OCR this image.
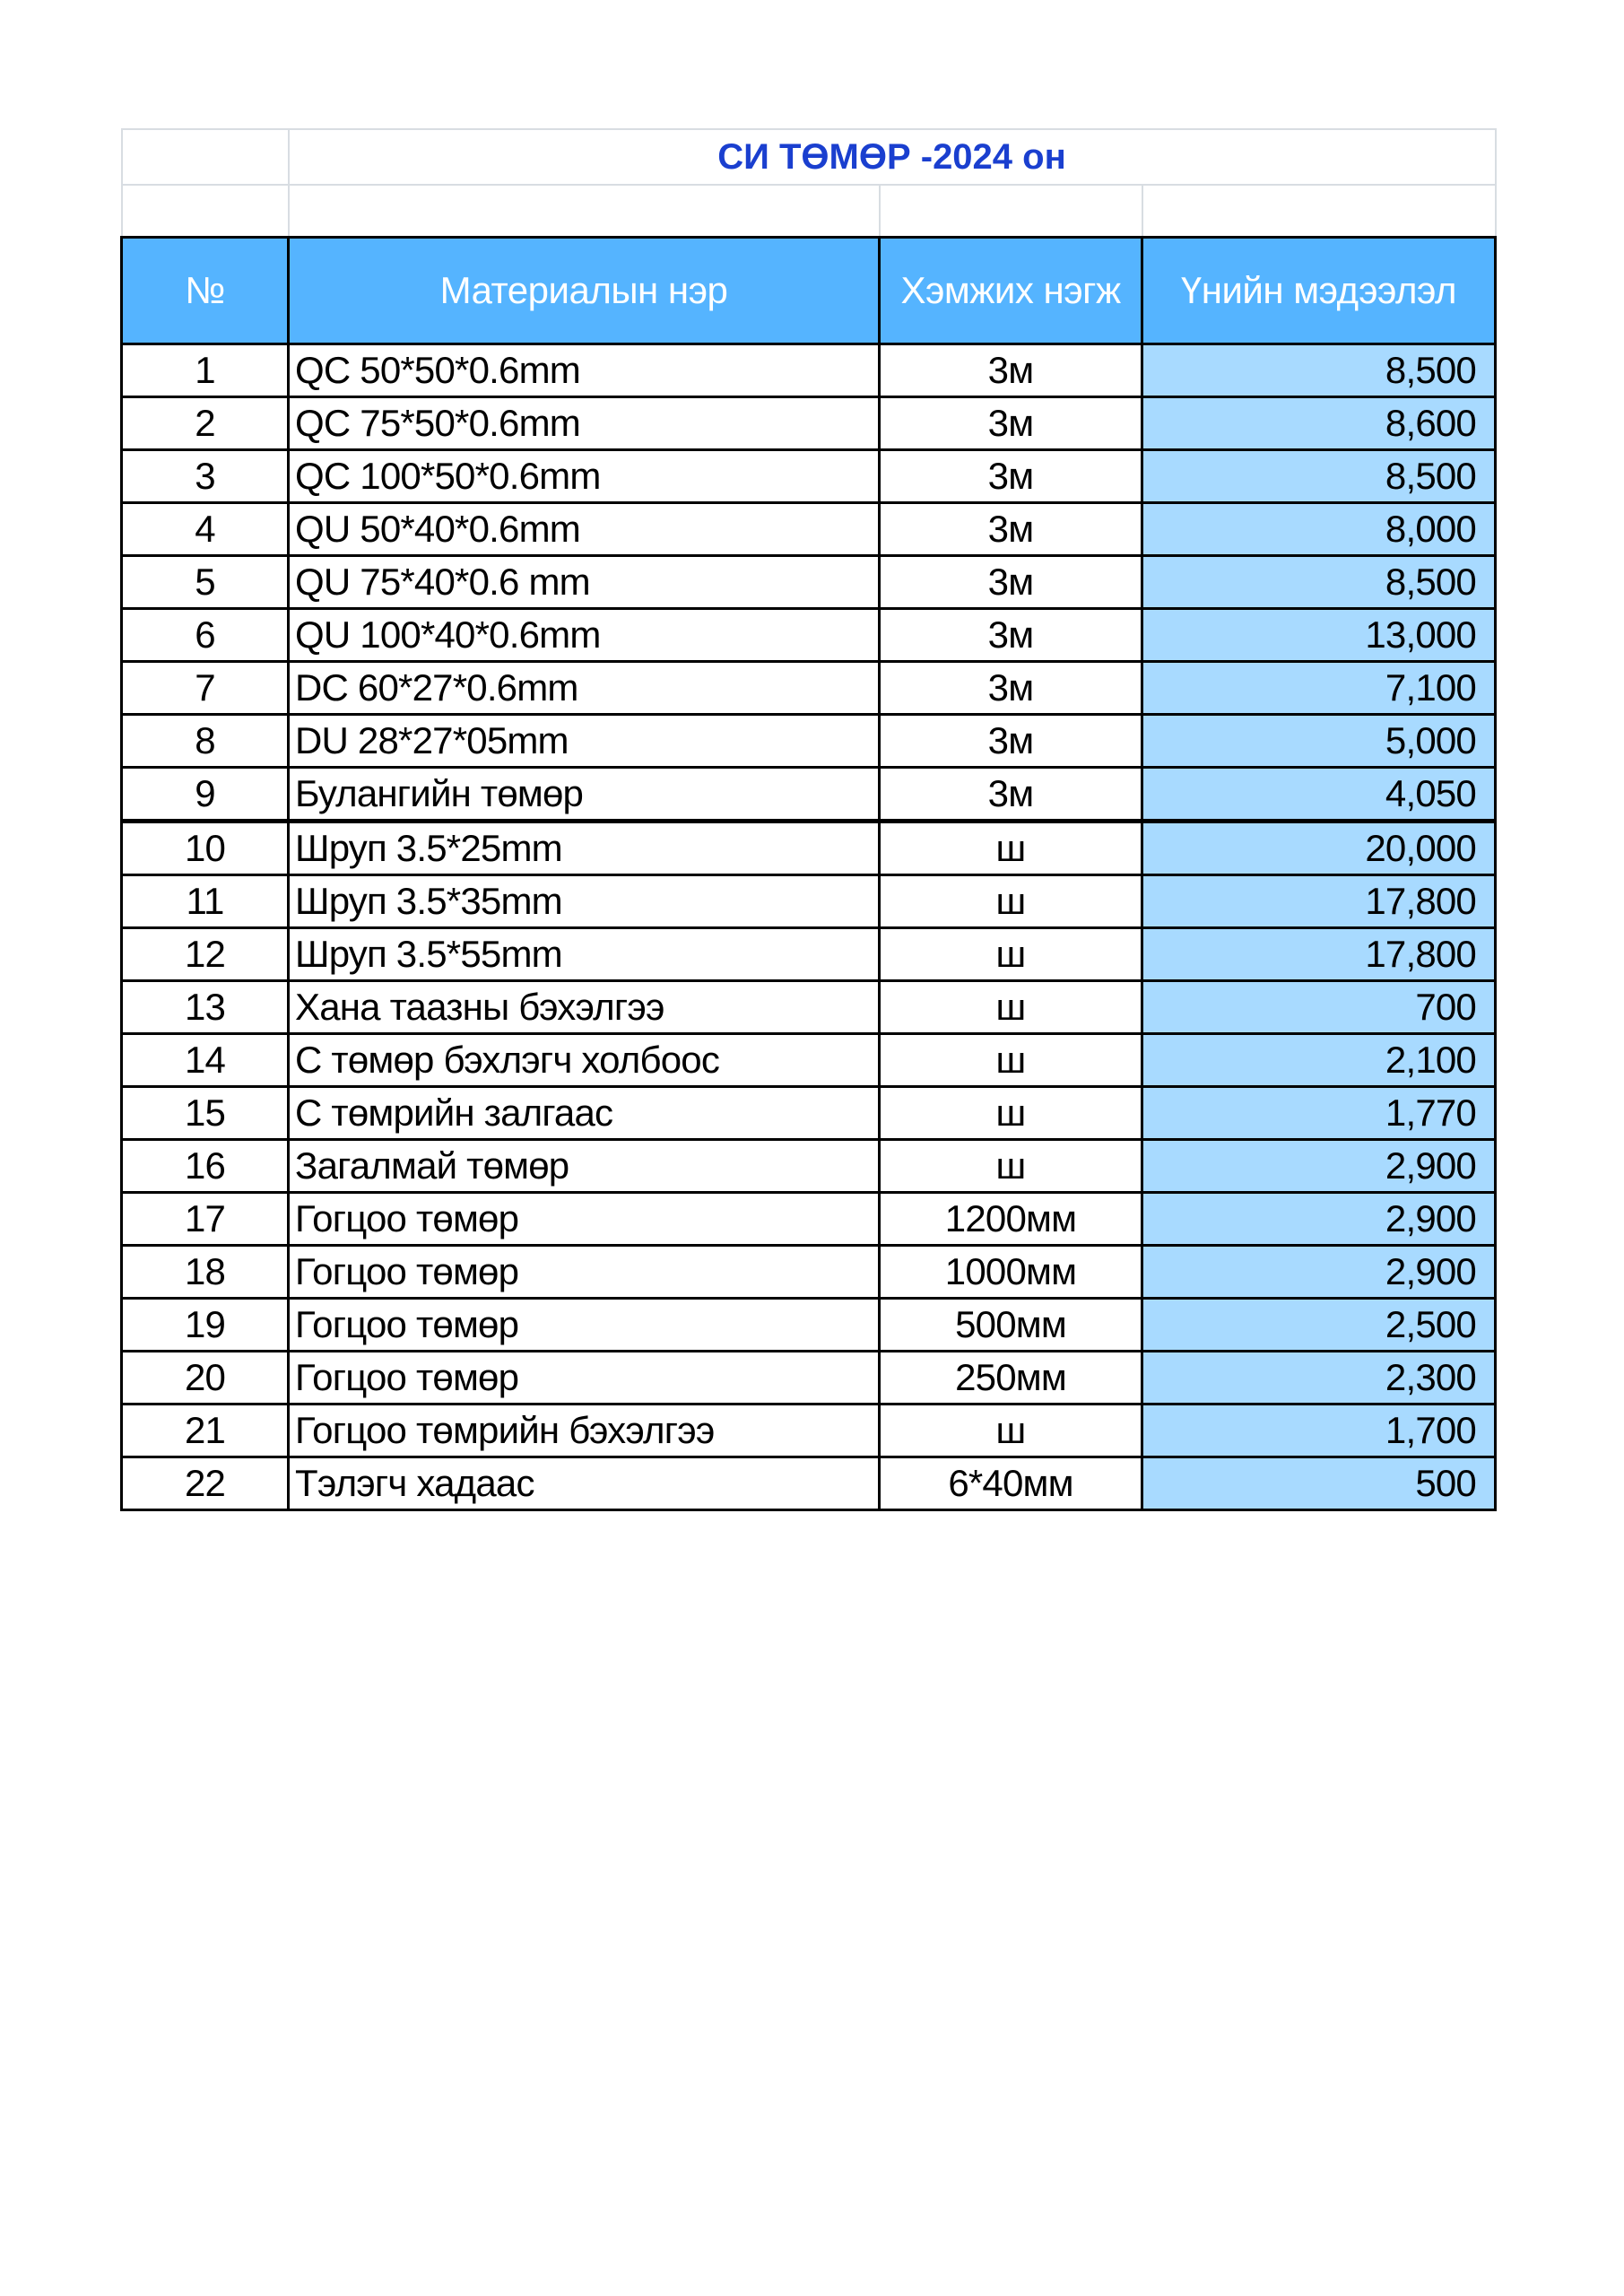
	СИ ТӨМӨР -2024 он		

№	Материалын нэр	Хэмжих нэгж	Үнийн мэдээлэл
1	QC 50*50*0.6mm	3м	8,500
2	QC 75*50*0.6mm	3м	8,600
3	QC 100*50*0.6mm	3м	8,500
4	QU 50*40*0.6mm	3м	8,000
5	QU 75*40*0.6 mm	3м	8,500
6	QU 100*40*0.6mm	3м	13,000
7	DC 60*27*0.6mm	3м	7,100
8	DU 28*27*05mm	3м	5,000
9	Булангийн төмөр	3м	4,050
10	Шруп 3.5*25mm	ш	20,000
11	Шруп 3.5*35mm	ш	17,800
12	Шруп 3.5*55mm	ш	17,800
13	Хана таазны бэхэлгээ	ш	700
14	С төмөр бэхлэгч холбоос	ш	2,100
15	С төмрийн залгаас	ш	1,770
16	Загалмай төмөр	ш	2,900
17	Гогцоо төмөр	1200мм	2,900
18	Гогцоо төмөр	1000мм	2,900
19	Гогцоо төмөр	500мм	2,500
20	Гогцоо төмөр	250мм	2,300
21	Гогцоо төмрийн бэхэлгээ	ш	1,700
22	Тэлэгч хадаас	6*40мм	500
